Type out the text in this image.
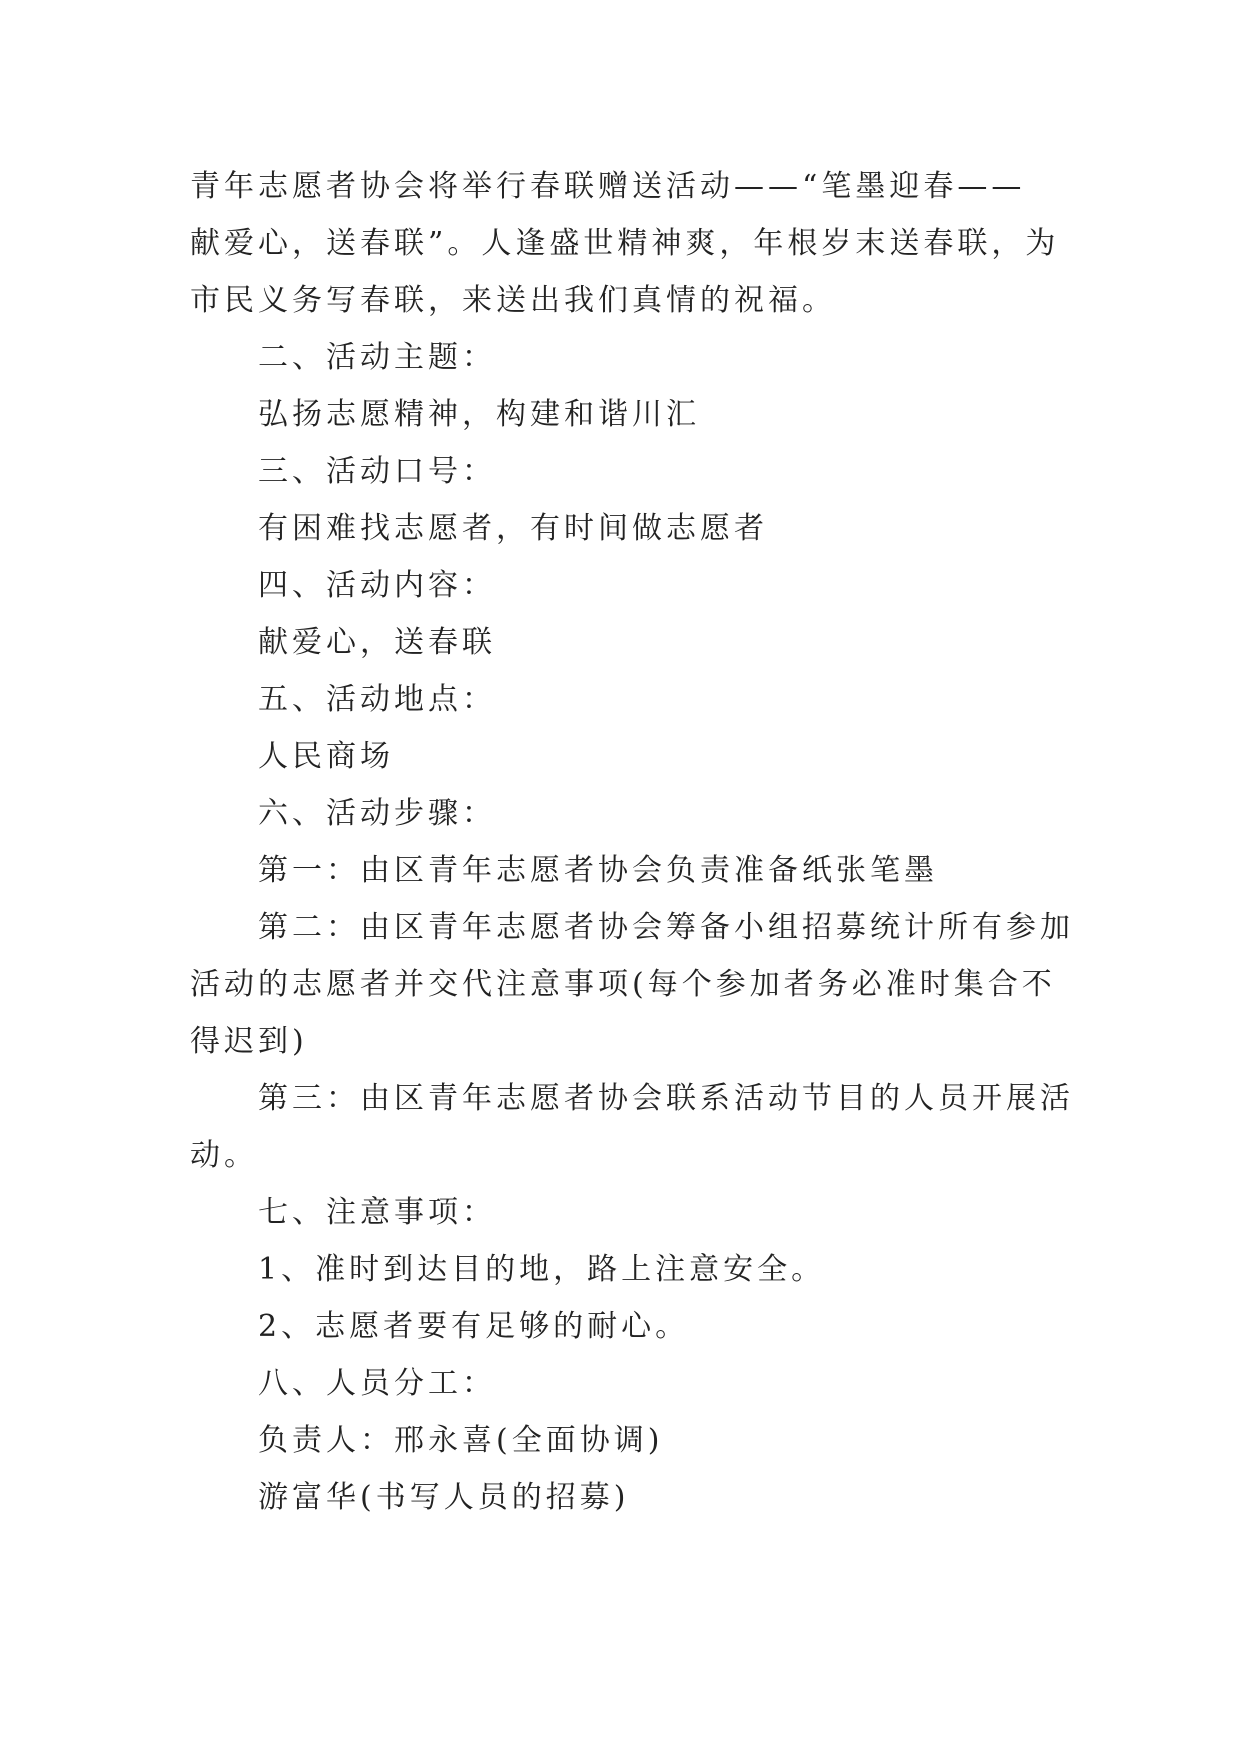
青年志愿者协会将举行春联赠送活动——“笔墨迎春——
献爱心，送春联”。人逢盛世精神爽，年根岁末送春联，为
市民义务写春联，来送出我们真情的祝福。

二、活动主题：

弘扬志愿精神，构建和谐川汇

三、活动口号：

有困难找志愿者，有时间做志愿者

四、活动内容：

献爱心，送春联

五、活动地点：

人民商场

六、活动步骤：

第一：由区青年志愿者协会负责准备纸张笔墨

第二：由区青年志愿者协会筹备小组招募统计所有参加
活动的志愿者并交代注意事项(每个参加者务必准时集合不
得迟到)
第三：由区青年志愿者协会联系活动节目的人员开展活
动。

七、注意事项：

1、准时到达目的地，路上注意安全。

2、志愿者要有足够的耐心。

八、人员分工：

负责人：邢永喜(全面协调)

游富华(书写人员的招募)
